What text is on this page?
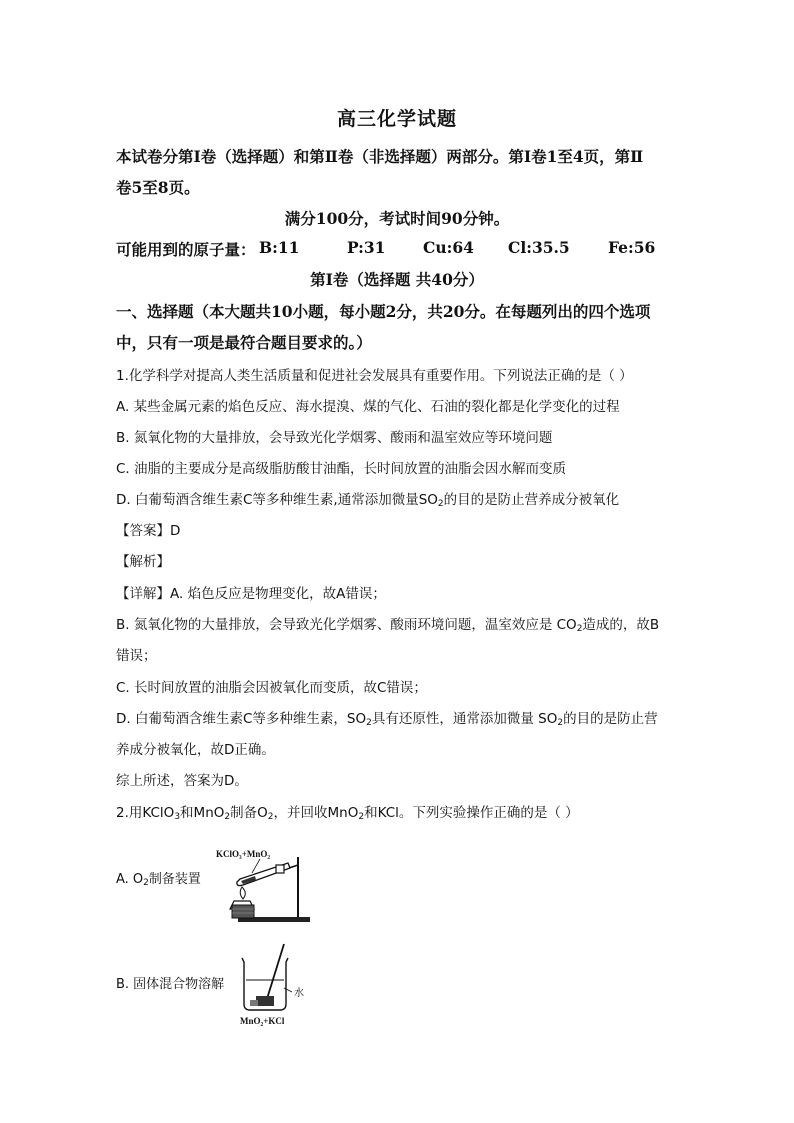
高三化学试题
本试卷分第Ⅰ卷（选择题）和第Ⅱ卷（非选择题）两部分。第Ⅰ卷1至4页，第Ⅱ
卷5至8页。
满分100分，考试时间90分钟。
可能用到的原子量： B:11	P:31 Cu:64 Cl:35.5 Fe:56
第Ⅰ卷（选择题 共40分）
一、选择题（本大题共10小题，每小题2分，共20分。在每题列出的四个选项
中，只有一项是最符合题目要求的。）
1.化学科学对提高人类生活质量和促进社会发展具有重要作用。下列说法正确的是（ ）
A. 某些金属元素的焰色反应、海水提溴、煤的气化、石油的裂化都是化学变化的过程
B. 氮氧化物的大量排放，会导致光化学烟雾、酸雨和温室效应等环境问题
C. 油脂的主要成分是高级脂肪酸甘油酯，长时间放置的油脂会因水解而变质
D. 白葡萄酒含维生素C等多种维生素,通常添加微量$SO_2$的目的是防止营养成分被氧化
【答案】D
【解析】
【详解】A. 焰色反应是物理变化，故A错误；
B. 氮氧化物的大量排放，会导致光化学烟雾、酸雨环境问题，温室效应是 $CO_2$造成的，故B
错误；
C. 长时间放置的油脂会因被氧化而变质，故C错误；
D. 白葡萄酒含维生素C等多种维生素，$SO_2$具有还原性，通常添加微量 $SO_2$的目的是防止营
养成分被氧化，故D正确。
综上所述，答案为D。
2.用KClO$_3$和MnO$_2$制备$O_2$，并回收MnO$_2$和KCl。下列实验操作正确的是（ ）
A. $O_2$制备装置
KClO₃+MnO₂
B. 固体混合物溶解
水
MnO₂+KCl
